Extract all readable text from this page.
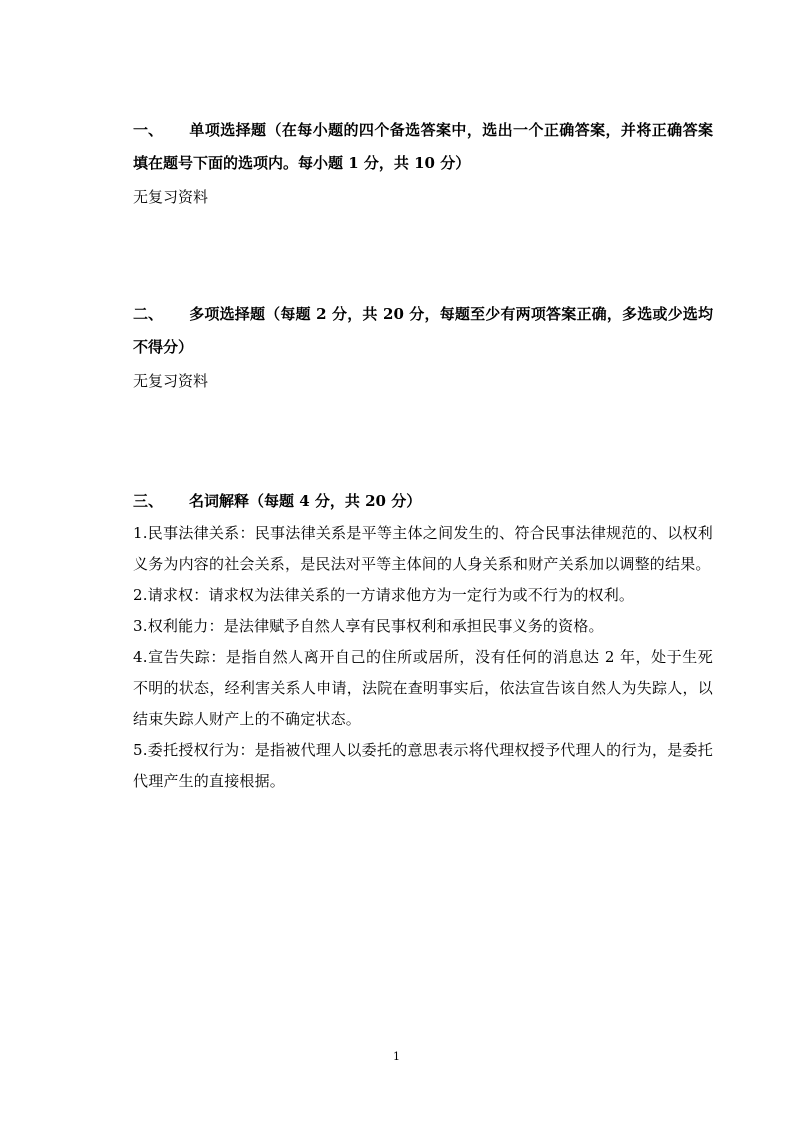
一、 单项选择题（在每小题的四个备选答案中，选出一个正确答案，并将正确答案填在题号下面的选项内。每小题 1 分，共 10 分）

无复习资料

二、 多项选择题（每题 2 分，共 20 分，每题至少有两项答案正确，多选或少选均不得分）

无复习资料

三、 名词解释（每题 4 分，共 20 分）

1.民事法律关系：民事法律关系是平等主体之间发生的、符合民事法律规范的、以权利义务为内容的社会关系，是民法对平等主体间的人身关系和财产关系加以调整的结果。

2.请求权：请求权为法律关系的一方请求他方为一定行为或不行为的权利。

3.权利能力：是法律赋予自然人享有民事权利和承担民事义务的资格。

4.宣告失踪：是指自然人离开自己的住所或居所，没有任何的消息达 2 年，处于生死不明的状态，经利害关系人申请，法院在查明事实后，依法宣告该自然人为失踪人，以结束失踪人财产上的不确定状态。

5.委托授权行为：是指被代理人以委托的意思表示将代理权授予代理人的行为，是委托代理产生的直接根据。

1
